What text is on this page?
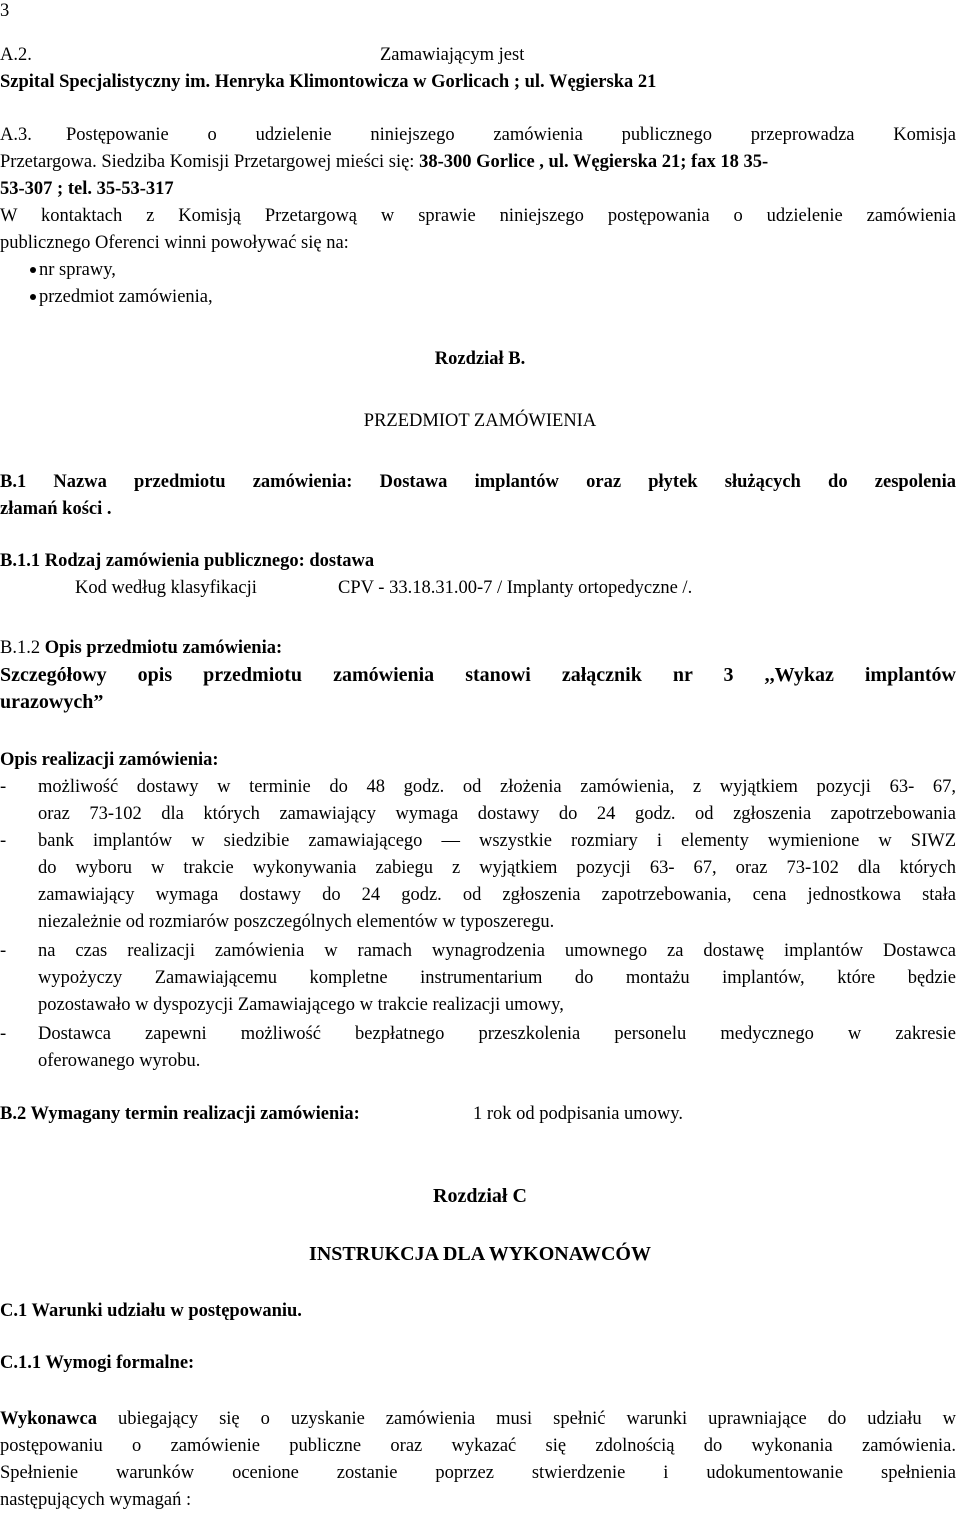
3
A.2.	Zamawiającym jest
Szpital Specjalistyczny im. Henryka Klimontowicza w Gorlicach ; ul. Węgierska 21
A.3. Postępowanie o udzielenie niniejszego zamówienia publicznego przeprowadza Komisja
Przetargowa. Siedziba Komisji Przetargowej mieści się: 38-300 Gorlice , ul. Węgierska 21; fax 18 35-
53-307 ; tel. 35-53-317
W kontaktach z Komisją Przetargową w sprawie niniejszego postępowania o udzielenie zamówienia
publicznego Oferenci winni powoływać się na:
nr sprawy,
przedmiot zamówienia,
Rozdział B.
PRZEDMIOT ZAMÓWIENIA
B.1 Nazwa przedmiotu zamówienia: Dostawa implantów oraz płytek służących do zespolenia
złamań kości .
B.1.1 Rodzaj zamówienia publicznego: dostawa
Kod według klasyfikacji	CPV - 33.18.31.00-7 / Implanty ortopedyczne /.
B.1.2 Opis przedmiotu zamówienia:
Szczegółowy opis przedmiotu zamówienia stanowi załącznik nr 3 ,,Wykaz implantów
urazowych”
Opis realizacji zamówienia:
- możliwość dostawy w terminie do 48 godz. od złożenia zamówienia, z wyjątkiem pozycji 63- 67,
oraz 73-102 dla których zamawiający wymaga dostawy do 24 godz. od zgłoszenia zapotrzebowania
- bank implantów w siedzibie zamawiającego — wszystkie rozmiary i elementy wymienione w SIWZ
do wyboru w trakcie wykonywania zabiegu z wyjątkiem pozycji 63- 67, oraz 73-102 dla których
zamawiający wymaga dostawy do 24 godz. od zgłoszenia zapotrzebowania, cena jednostkowa stała
niezależnie od rozmiarów poszczególnych elementów w typoszeregu.
- na czas realizacji zamówienia w ramach wynagrodzenia umownego za dostawę implantów Dostawca
wypożyczy Zamawiającemu kompletne instrumentarium do montażu implantów, które będzie
pozostawało w dyspozycji Zamawiającego w trakcie realizacji umowy,
- Dostawca zapewni możliwość bezpłatnego przeszkolenia personelu medycznego w zakresie
oferowanego wyrobu.
B.2 Wymagany termin realizacji zamówienia:	1 rok od podpisania umowy.
Rozdział C
INSTRUKCJA DLA WYKONAWCÓW
C.1 Warunki udziału w postępowaniu.
C.1.1 Wymogi formalne:
Wykonawca ubiegający się o uzyskanie zamówienia musi spełnić warunki uprawniające do udziału w
postępowaniu o zamówienie publiczne oraz wykazać się zdolnością do wykonania zamówienia.
Spełnienie warunków ocenione zostanie poprzez stwierdzenie i udokumentowanie spełnienia
następujących wymagań :
